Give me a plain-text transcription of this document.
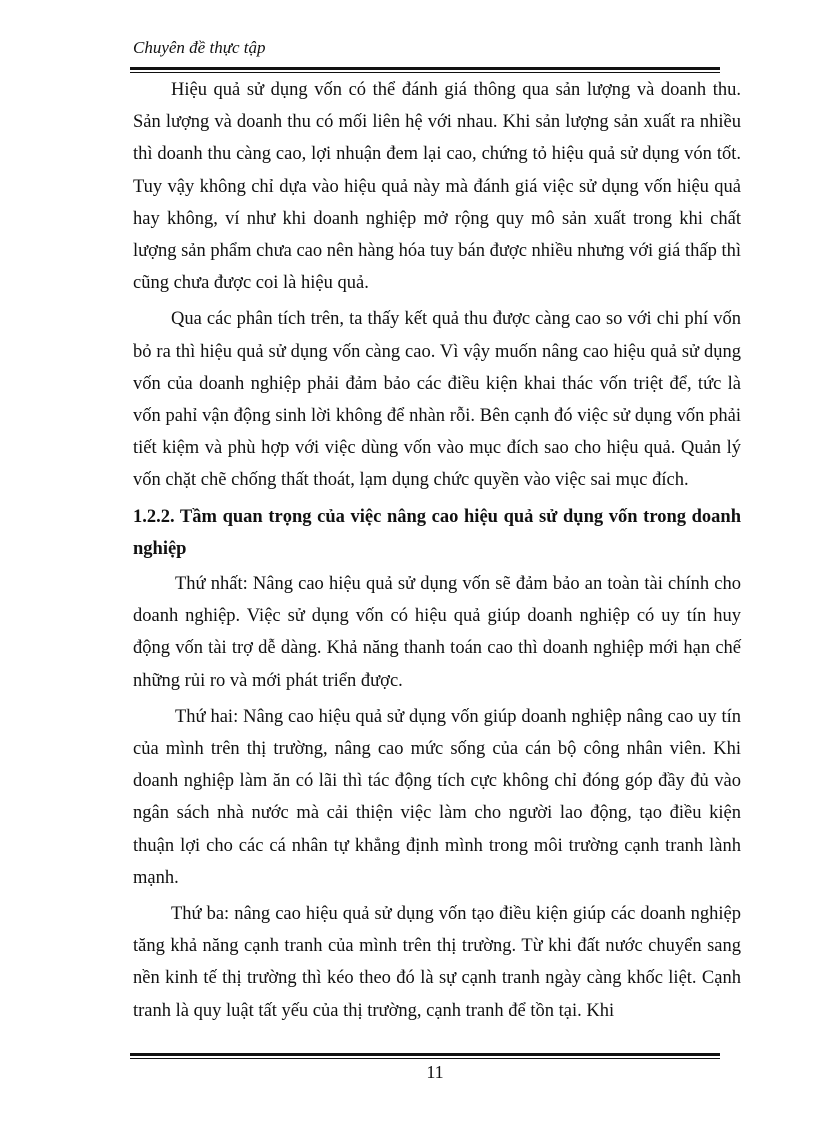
Chuyên đề thực tập

Hiệu quả sử dụng vốn có thể đánh giá thông qua sản lượng và doanh thu. Sản lượng và doanh thu có mối liên hệ với nhau. Khi sản lượng sản xuất ra nhiều thì doanh thu càng cao, lợi nhuận đem lại cao, chứng tỏ hiệu quả sử dụng vón tốt. Tuy vậy không chỉ dựa vào hiệu quả này mà đánh giá việc sử dụng vốn hiệu quả hay không, ví như khi doanh nghiệp mở rộng quy mô sản xuất trong khi chất lượng sản phẩm chưa cao nên hàng hóa tuy bán được nhiều nhưng với giá thấp thì cũng chưa được coi là hiệu quả.

Qua các phân tích trên, ta thấy kết quả thu được càng cao so với chi phí vốn bỏ ra thì hiệu quả sử dụng vốn càng cao. Vì vậy muốn nâng cao hiệu quả sử dụng vốn của doanh nghiệp phải đảm bảo các điều kiện khai thác vốn triệt để, tức là vốn pahỉ vận động sinh lời không để nhàn rỗi. Bên cạnh đó việc sử dụng vốn phải tiết kiệm và phù hợp với việc dùng vốn vào mục đích sao cho hiệu quả. Quản lý vốn chặt chẽ chống thất thoát, lạm dụng chức quyền vào việc sai mục đích.

1.2.2. Tầm quan trọng của việc nâng cao hiệu quả sử dụng vốn trong doanh nghiệp

Thứ nhất: Nâng cao hiệu quả sử dụng vốn sẽ đảm bảo an toàn tài chính cho doanh nghiệp. Việc sử dụng vốn có hiệu quả giúp doanh nghiệp có uy tín huy động vốn tài trợ dễ dàng. Khả năng thanh toán cao thì doanh nghiệp mới hạn chế những rủi ro và mới phát triển được.

Thứ hai: Nâng cao hiệu quả sử dụng vốn giúp doanh nghiệp nâng cao uy tín của mình trên thị trường, nâng cao mức sống của cán bộ công nhân viên. Khi doanh nghiệp làm ăn có lãi thì tác động tích cực không chỉ đóng góp đầy đủ vào ngân sách nhà nước mà cải thiện việc làm cho người lao động, tạo điều kiện thuận lợi cho các cá nhân tự khẳng định mình trong môi trường cạnh tranh lành mạnh.

Thứ ba: nâng cao hiệu quả sử dụng vốn tạo điều kiện giúp các doanh nghiệp tăng khả năng cạnh tranh của mình trên thị trường. Từ khi đất nước chuyển sang nền kinh tế thị trường thì kéo theo đó là sự cạnh tranh ngày càng khốc liệt. Cạnh tranh là quy luật tất yếu của thị trường, cạnh tranh để tồn tại. Khi

11
